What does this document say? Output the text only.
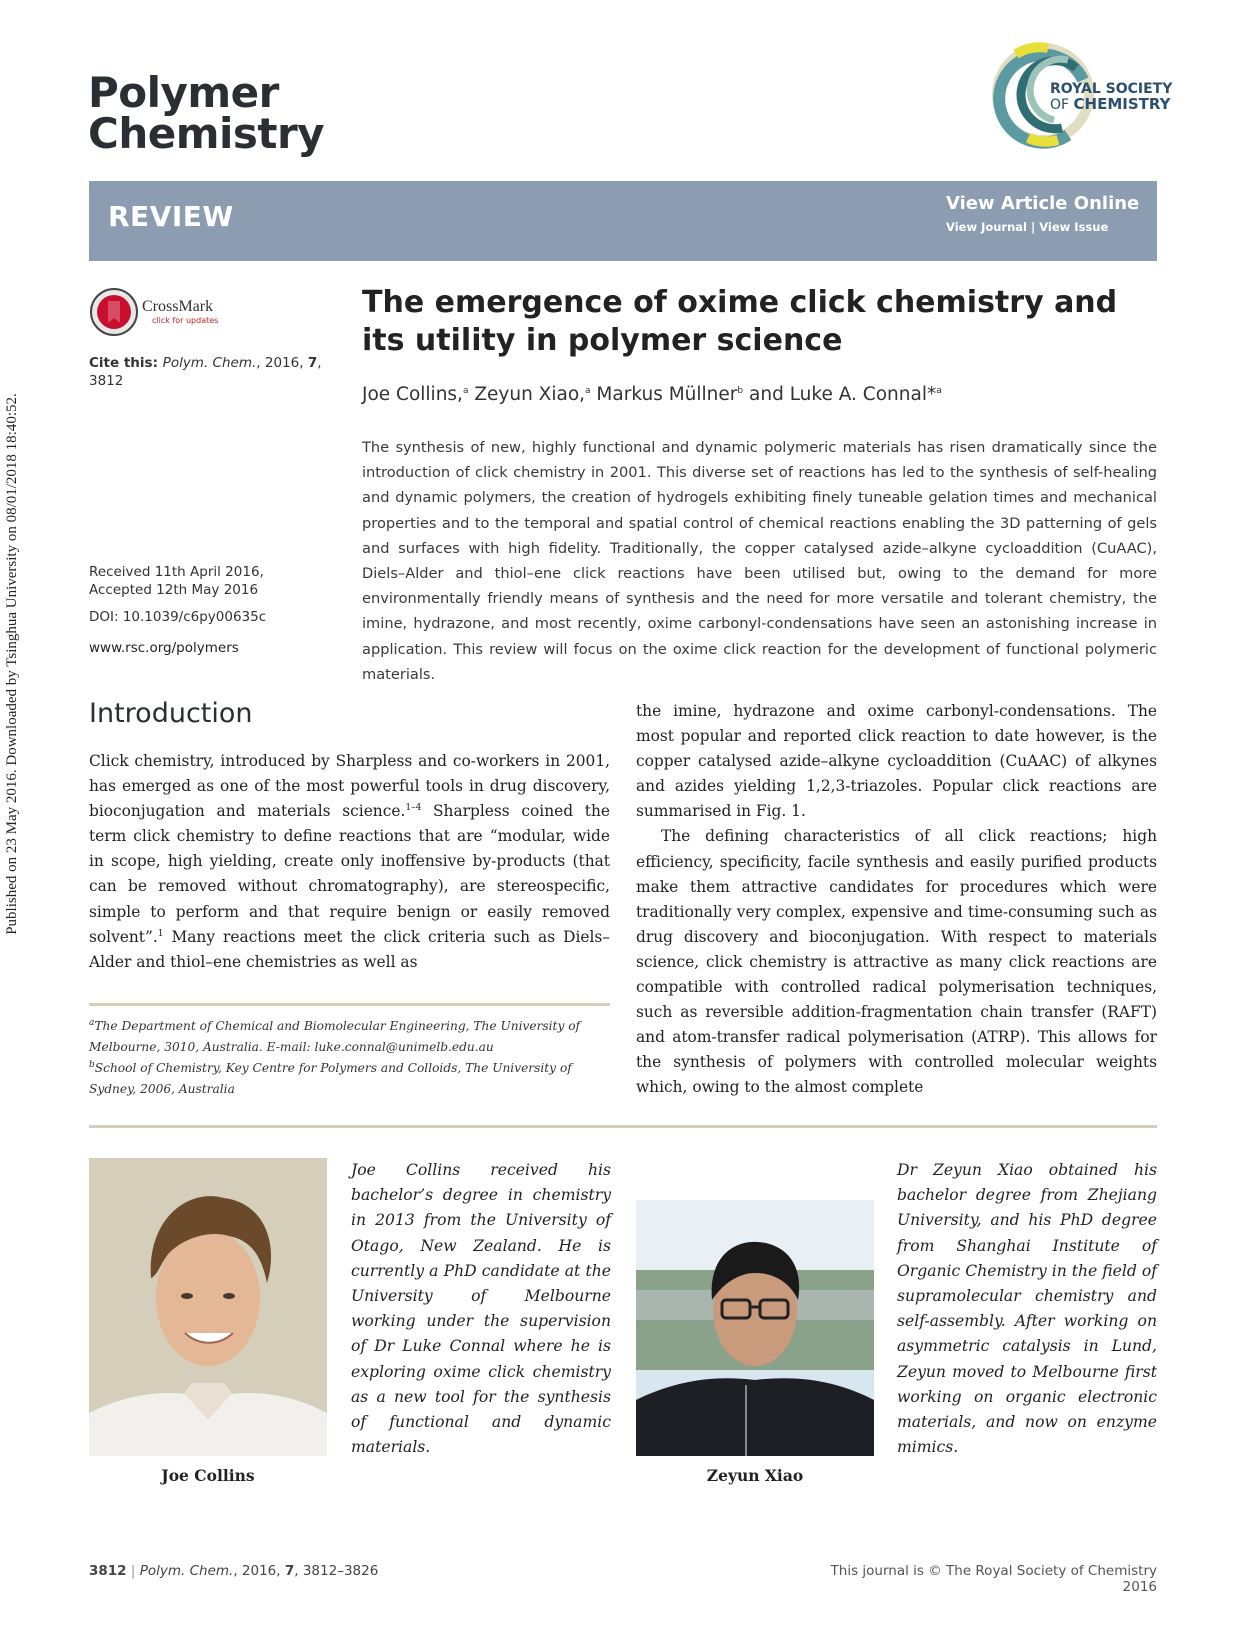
Published on 23 May 2016. Downloaded by Tsinghua University on 08/01/2018 18:40:52.
Polymer
Chemistry
ROYAL SOCIETY
OF CHEMISTRY
REVIEW	View Article Online
View Journal | View Issue
CrossMark
click for updates
Cite this: Polym. Chem., 2016, 7,
3812
Received 11th April 2016,
Accepted 12th May 2016
DOI: 10.1039/c6py00635c
www.rsc.org/polymers
The emergence of oxime click chemistry and its utility in polymer science
Joe Collins,$^a$ Zeyun Xiao,$^a$ Markus Müllner$^b$ and Luke A. Connal*$^a$
The synthesis of new, highly functional and dynamic polymeric materials has risen dramatically since the introduction of click chemistry in 2001. This diverse set of reactions has led to the synthesis of self-healing and dynamic polymers, the creation of hydrogels exhibiting finely tuneable gelation times and mechanical properties and to the temporal and spatial control of chemical reactions enabling the 3D patterning of gels and surfaces with high fidelity. Traditionally, the copper catalysed azide–alkyne cycloaddition (CuAAC), Diels–Alder and thiol–ene click reactions have been utilised but, owing to the demand for more environmentally friendly means of synthesis and the need for more versatile and tolerant chemistry, the imine, hydrazone, and most recently, oxime carbonyl-condensations have seen an astonishing increase in application. This review will focus on the oxime click reaction for the development of functional polymeric materials.
Introduction
Click chemistry, introduced by Sharpless and co-workers in 2001, has emerged as one of the most powerful tools in drug discovery, bioconjugation and materials science.$^{1-4}$ Sharpless coined the term click chemistry to define reactions that are “modular, wide in scope, high yielding, create only inoffensive by-products (that can be removed without chromatography), are stereospecific, simple to perform and that require benign or easily removed solvent”.$^1$ Many reactions meet the click criteria such as Diels–Alder and thiol–ene chemistries as well as

the imine, hydrazone and oxime carbonyl-condensations. The most popular and reported click reaction to date however, is the copper catalysed azide–alkyne cycloaddition (CuAAC) of alkynes and azides yielding 1,2,3-triazoles. Popular click reactions are summarised in Fig. 1.

The defining characteristics of all click reactions; high efficiency, specificity, facile synthesis and easily purified products make them attractive candidates for procedures which were traditionally very complex, expensive and time-consuming such as drug discovery and bioconjugation. With respect to materials science, click chemistry is attractive as many click reactions are compatible with controlled radical polymerisation techniques, such as reversible addition-fragmentation chain transfer (RAFT) and atom-transfer radical polymerisation (ATRP). This allows for the synthesis of polymers with controlled molecular weights which, owing to the almost complete

$^a$The Department of Chemical and Biomolecular Engineering, The University of Melbourne, 3010, Australia. E-mail: luke.connal@unimelb.edu.au
$^b$School of Chemistry, Key Centre for Polymers and Colloids, The University of Sydney, 2006, Australia
Joe Collins received his bachelor’s degree in chemistry in 2013 from the University of Otago, New Zealand. He is currently a PhD candidate at the University of Melbourne working under the supervision of Dr Luke Connal where he is exploring oxime click chemistry as a new tool for the synthesis of functional and dynamic materials.
Joe Collins
Dr Zeyun Xiao obtained his bachelor degree from Zhejiang University, and his PhD degree from Shanghai Institute of Organic Chemistry in the field of supramolecular chemistry and self-assembly. After working on asymmetric catalysis in Lund, Zeyun moved to Melbourne first working on organic electronic materials, and now on enzyme mimics.
Zeyun Xiao
3812 | Polym. Chem., 2016, 7, 3812–3826	This journal is © The Royal Society of Chemistry 2016
